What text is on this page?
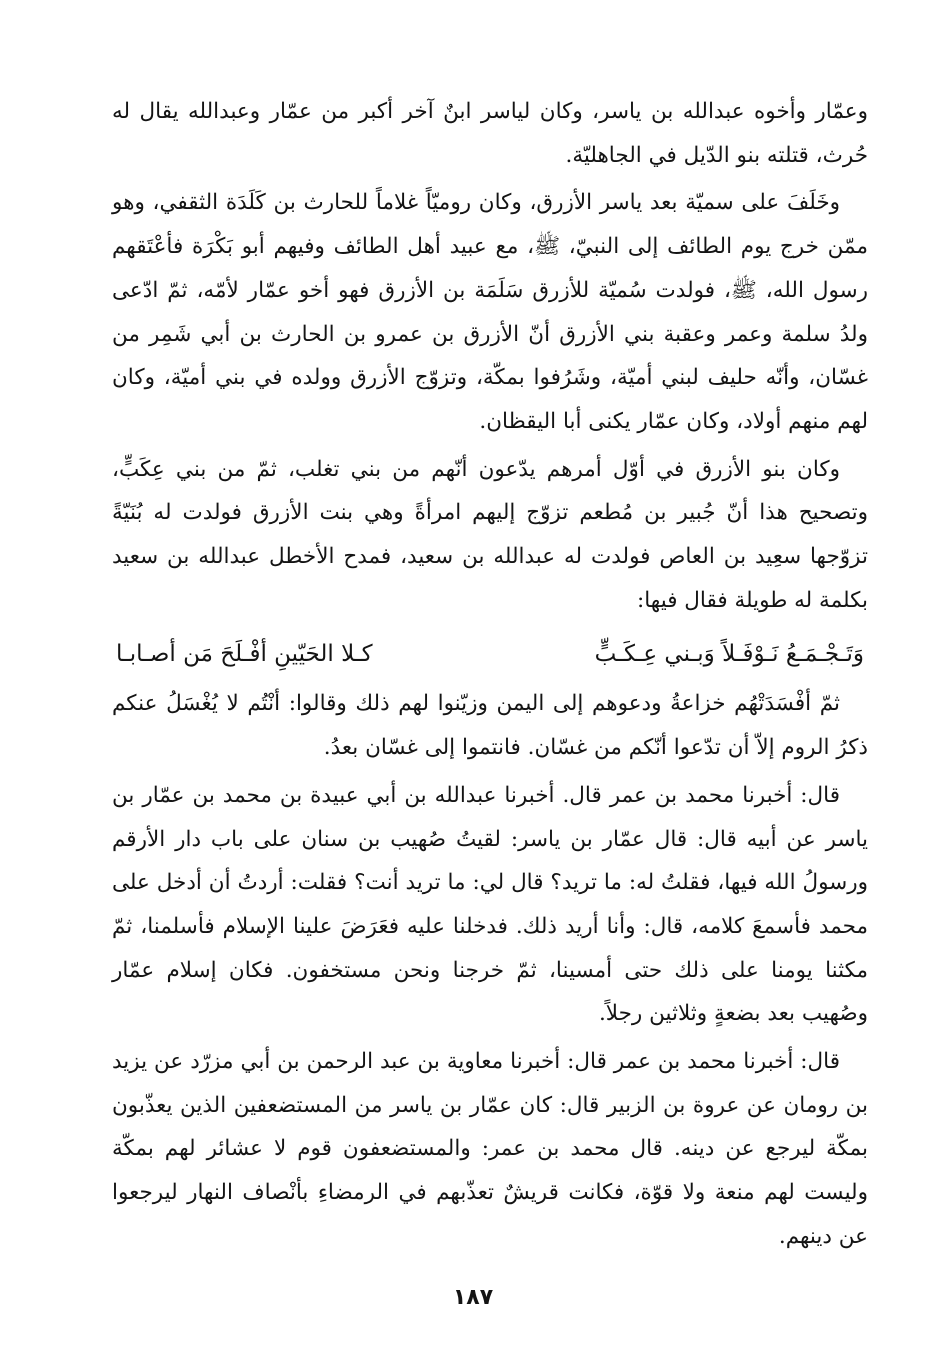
وعمّار وأخوه عبدالله بن ياسر، وكان لياسر ابنٌ آخر أكبر من عمّار وعبدالله يقال له حُرث، قتلته بنو الدّيل في الجاهليّة.

وخَلَفَ على سميّة بعد ياسر الأزرق، وكان روميّاً غلاماً للحارث بن كَلَدَة الثقفي، وهو ممّن خرج يوم الطائف إلى النبيّ، ﷺ، مع عبيد أهل الطائف وفيهم أبو بَكْرَة فأعْتَقهم رسول الله، ﷺ، فولدت سُميّة للأزرق سَلَمَة بن الأزرق فهو أخو عمّار لأمّه، ثمّ ادّعى ولدُ سلمة وعمر وعقبة بني الأزرق أنّ الأزرق بن عمرو بن الحارث بن أبي شَمِر من غسّان، وأنّه حليف لبني أميّة، وشَرُفوا بمكّة، وتزوّج الأزرق وولده في بني أميّة، وكان لهم منهم أولاد، وكان عمّار يكنى أبا اليقظان.

وكان بنو الأزرق في أوّل أمرهم يدّعون أنّهم من بني تغلب، ثمّ من بني عِكَبٍّ، وتصحيح هذا أنّ جُبير بن مُطعم تزوّج إليهم امرأةً وهي بنت الأزرق فولدت له بُنَيّةً تزوّجها سعِيد بن العاص فولدت له عبدالله بن سعيد، فمدح الأخطل عبدالله بن سعيد بكلمة له طويلة فقال فيها:

وَتَـجْـمَـعُ نَـوْفَـلاً وَبـني عِـكَـبٍّ
كـلا الحَيّينِ أفْـلَحَ مَن أصـابـا

ثمّ أفْسَدَتْهُم خزاعةُ ودعوهم إلى اليمن وزيّنوا لهم ذلك وقالوا: أنْتُم لا يُغْسَلُ عنكم ذكرُ الروم إلاّ أن تدّعوا أنّكم من غسّان. فانتموا إلى غسّان بعدُ.

قال: أخبرنا محمد بن عمر قال. أخبرنا عبدالله بن أبي عبيدة بن محمد بن عمّار بن ياسر عن أبيه قال: قال عمّار بن ياسر: لقيتُ صُهيب بن سنان على باب دار الأرقم ورسولُ الله فيها، فقلتُ له: ما تريد؟ قال لي: ما تريد أنت؟ فقلت: أردتُ أن أدخل على محمد فأسمعَ كلامه، قال: وأنا أريد ذلك. فدخلنا عليه فعَرَضَ علينا الإسلام فأسلمنا، ثمّ مكثنا يومنا على ذلك حتى أمسينا، ثمّ خرجنا ونحن مستخفون. فكان إسلام عمّار وصُهيب بعد بضعةٍ وثلاثين رجلاً.

قال: أخبرنا محمد بن عمر قال: أخبرنا معاوية بن عبد الرحمن بن أبي مزرّد عن يزيد بن رومان عن عروة بن الزبير قال: كان عمّار بن ياسر من المستضعفين الذين يعذّبون بمكّة ليرجع عن دينه. قال محمد بن عمر: والمستضعفون قوم لا عشائر لهم بمكّة وليست لهم منعة ولا قوّة، فكانت قريشٌ تعذّبهم في الرمضاءِ بأنْصاف النهار ليرجعوا عن دينهم.

١٨٧
